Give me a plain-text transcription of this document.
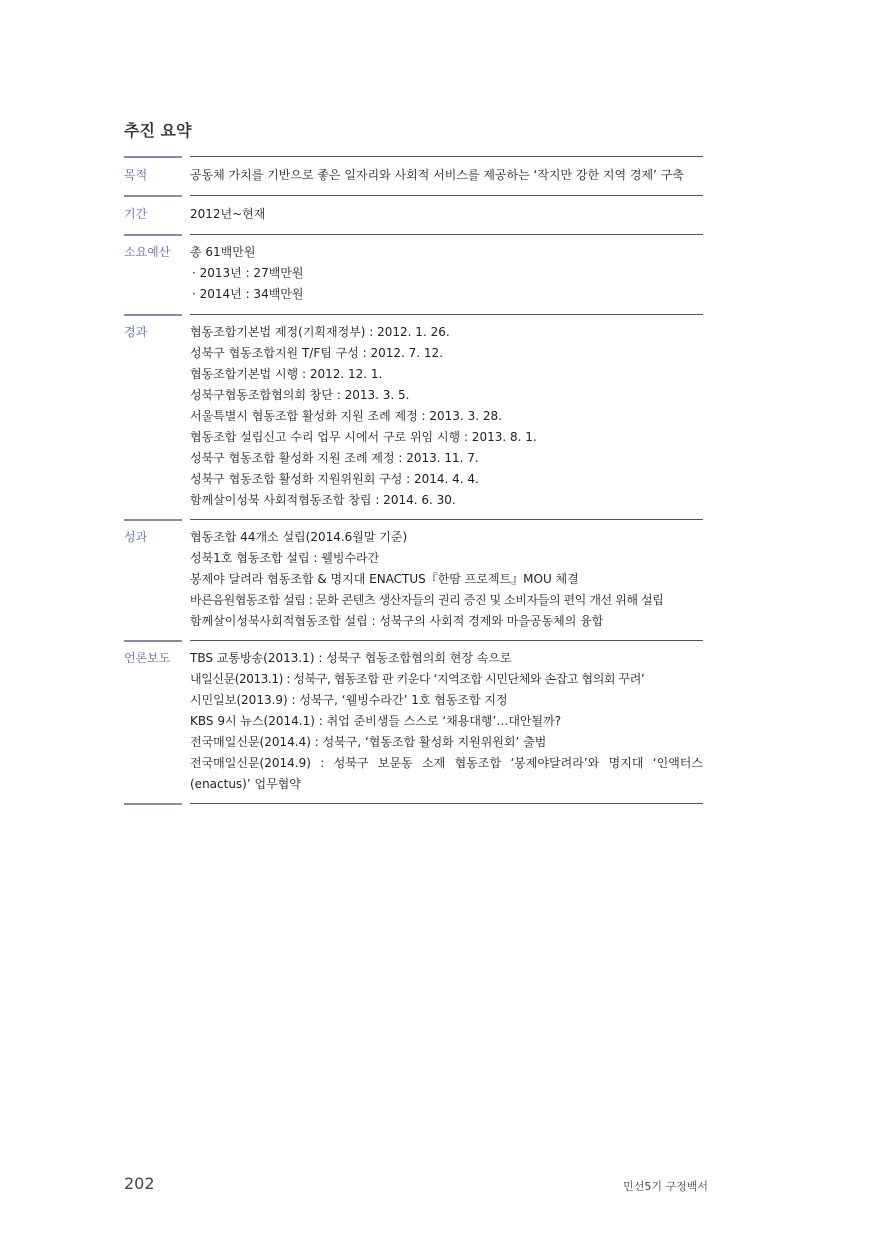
추진 요약
목적	공동체 가치를 기반으로 좋은 일자리와 사회적 서비스를 제공하는 ‘작지만 강한 지역 경제’ 구축
기간	2012년~현재
소요예산	총 61백만원
· 2013년 : 27백만원
· 2014년 : 34백만원
경과	협동조합기본법 제정(기획재정부) : 2012. 1. 26.
성북구 협동조합지원 T/F팀 구성 : 2012. 7. 12.
협동조합기본법 시행 : 2012. 12. 1.
성북구협동조합협의회 창단 : 2013. 3. 5.
서울특별시 협동조합 활성화 지원 조례 제정 : 2013. 3. 28.
협동조합 설립신고 수리 업무 시에서 구로 위임 시행 : 2013. 8. 1.
성북구 협동조합 활성화 지원 조례 제정 : 2013. 11. 7.
성북구 협동조합 활성화 지원위원회 구성 : 2014. 4. 4.
함께살이성북 사회적협동조합 창립 : 2014. 6. 30.
성과	협동조합 44개소 설립(2014.6월말 기준)
성북1호 협동조합 설립 : 웰빙수라간
봉제야 달려라 협동조합 & 명지대 ENACTUS『한땀 프로젝트』MOU 체결
바른음원협동조합 설립 : 문화 콘텐츠 생산자들의 권리 증진 및 소비자들의 편익 개선 위해 설립
함께살이성북사회적협동조합 설립 : 성북구의 사회적 경제와 마을공동체의 융합
언론보도	TBS 교통방송(2013.1) : 성북구 협동조합협의회 현장 속으로
내일신문(2013.1) : 성북구, 협동조합 판 키운다 ‘지역조합 시민단체와 손잡고 협의회 꾸려’
시민일보(2013.9) : 성북구, ‘웰빙수라간’ 1호 협동조합 지정
KBS 9시 뉴스(2014.1) : 취업 준비생들 스스로 ‘채용대행’…대안될까?
전국매일신문(2014.4) : 성북구, ‘협동조합 활성화 지원위원회’ 출범
전국매일신문(2014.9) : 성북구 보문동 소재 협동조합 ‘봉제야달려라’와 명지대 ‘인액터스(enactus)’ 업무협약
202	민선5기 구정백서
